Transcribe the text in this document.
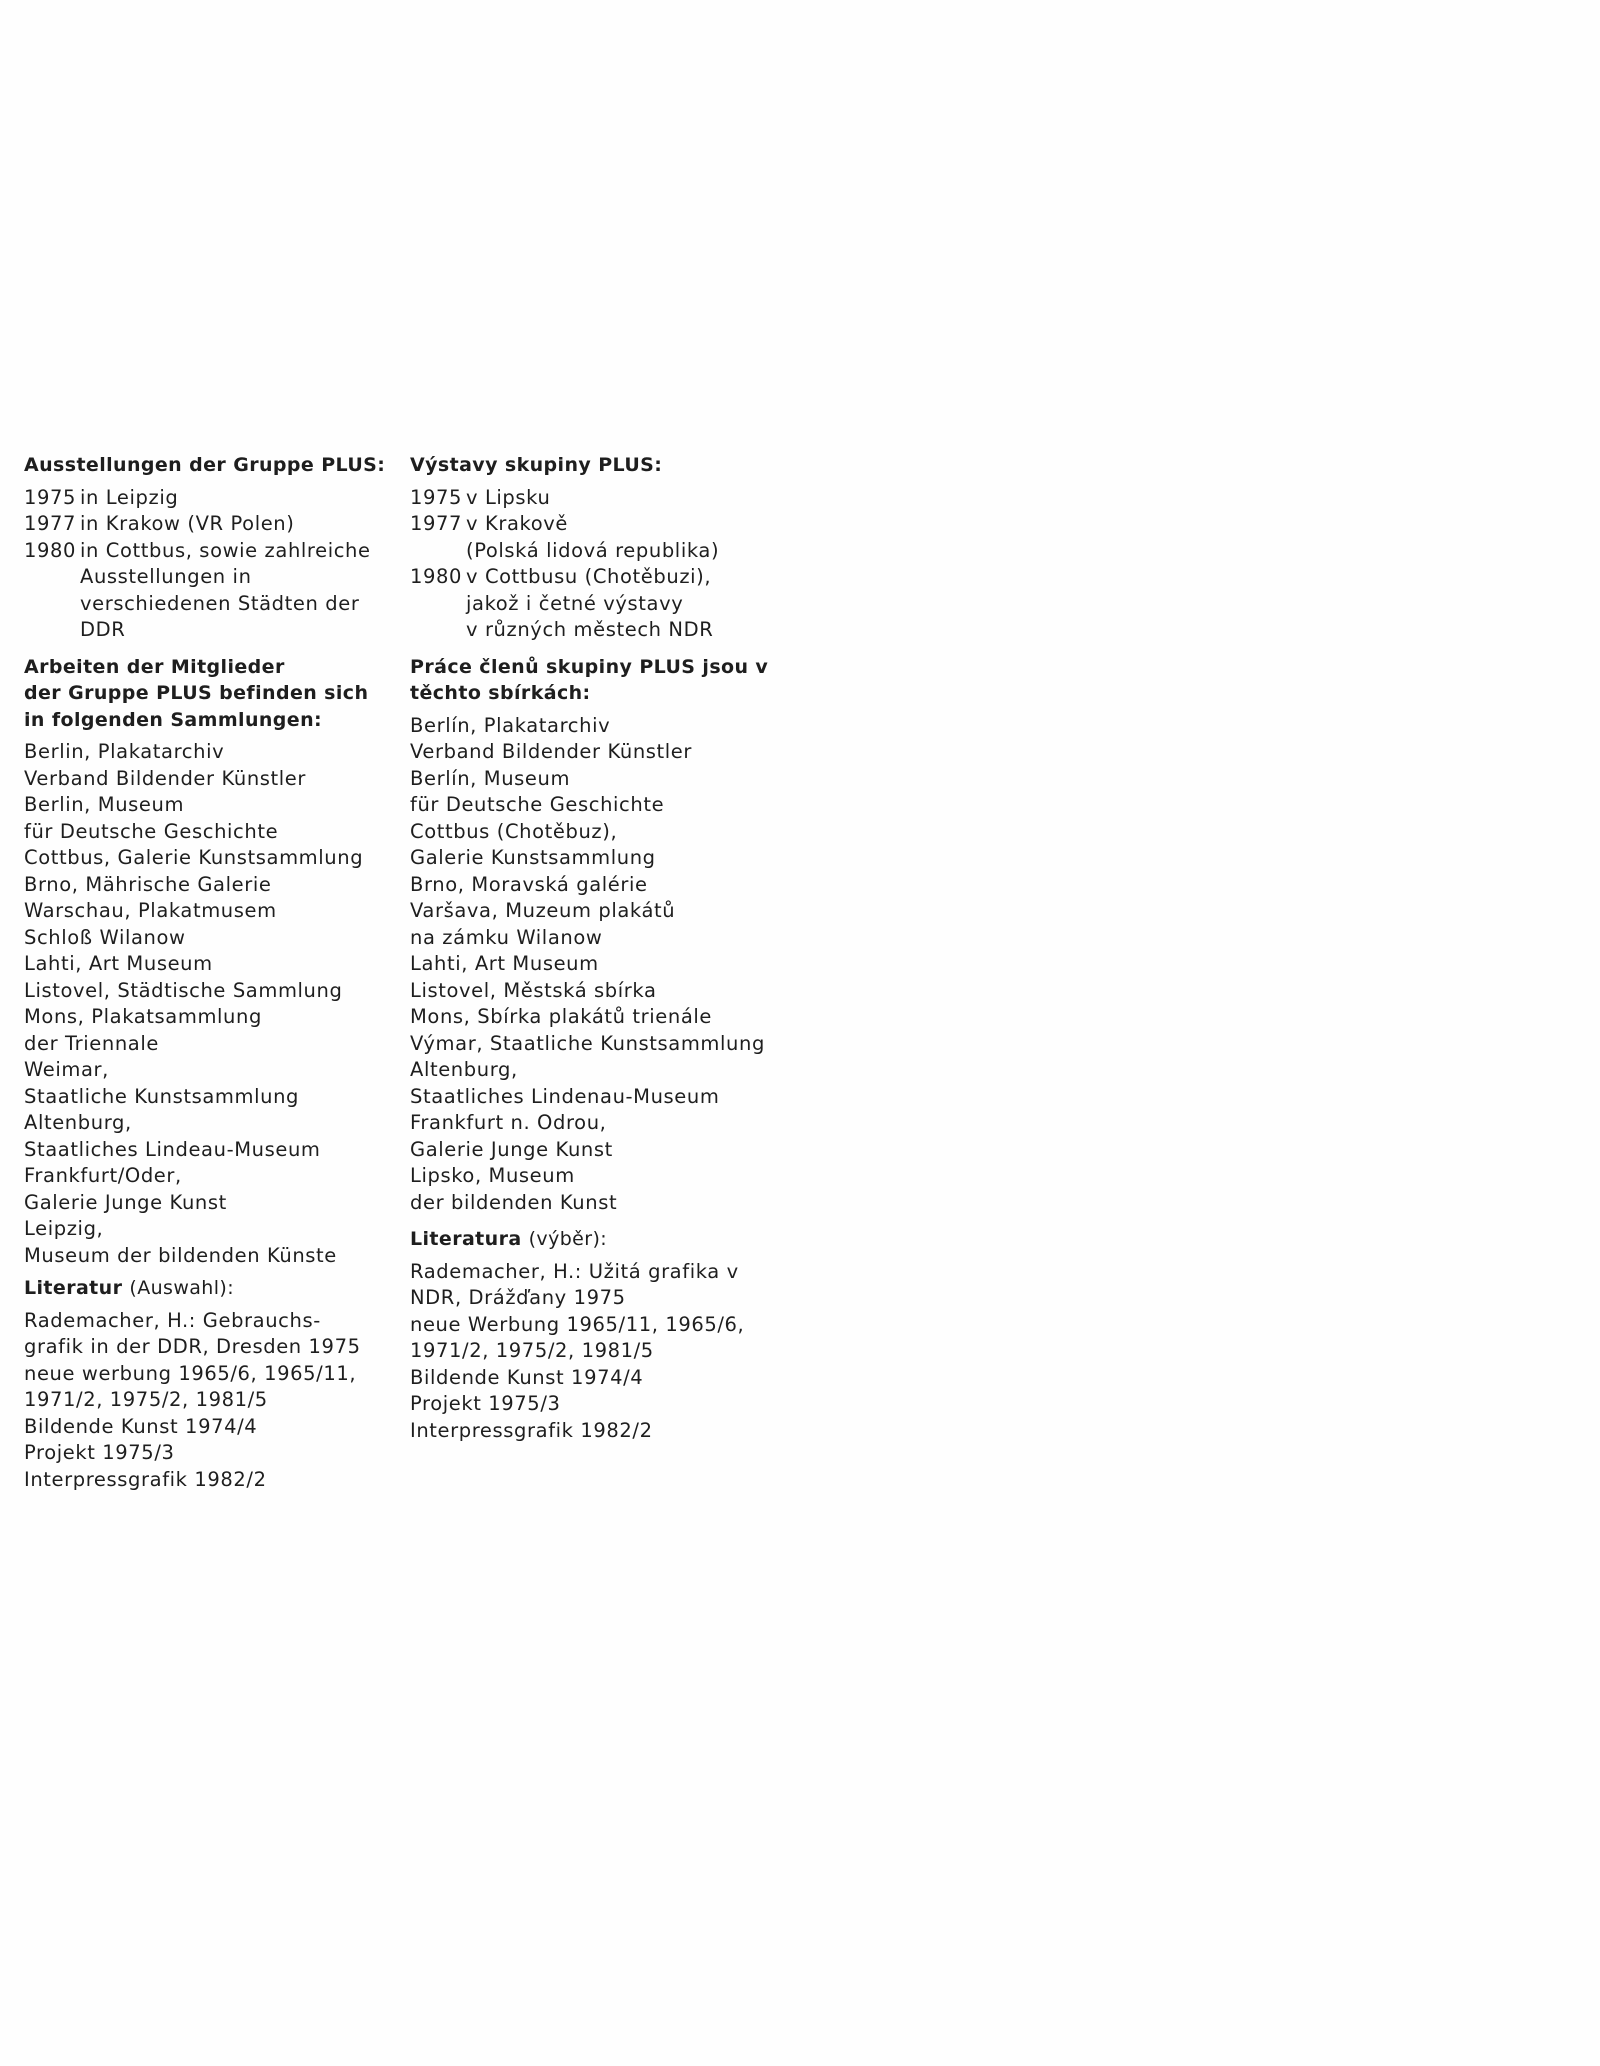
Ausstellungen der Gruppe PLUS:
1975 in Leipzig
1977 in Krakow (VR Polen)
1980 in Cottbus, sowie zahlreiche
Ausstellungen in
verschiedenen Städten der
DDR
Arbeiten der Mitglieder
der Gruppe PLUS befinden sich
in folgenden Sammlungen:
Berlin, Plakatarchiv
Verband Bildender Künstler
Berlin, Museum
für Deutsche Geschichte
Cottbus, Galerie Kunstsammlung
Brno, Mährische Galerie
Warschau, Plakatmusem
Schloß Wilanow
Lahti, Art Museum
Listovel, Städtische Sammlung
Mons, Plakatsammlung
der Triennale
Weimar,
Staatliche Kunstsammlung
Altenburg,
Staatliches Lindeau-Museum
Frankfurt/Oder,
Galerie Junge Kunst
Leipzig,
Museum der bildenden Künste
Literatur (Auswahl):
Rademacher, H.: Gebrauchs-
grafik in der DDR, Dresden 1975
neue werbung 1965/6, 1965/11,
1971/2, 1975/2, 1981/5
Bildende Kunst 1974/4
Projekt 1975/3
Interpressgrafik 1982/2
Výstavy skupiny PLUS:
1975 v Lipsku
1977 v Krakově
(Polská lidová republika)
1980 v Cottbusu (Chotěbuzi),
jakož i četné výstavy
v různých městech NDR
Práce členů skupiny PLUS jsou v
těchto sbírkách:
Berlín, Plakatarchiv
Verband Bildender Künstler
Berlín, Museum
für Deutsche Geschichte
Cottbus (Chotěbuz),
Galerie Kunstsammlung
Brno, Moravská galérie
Varšava, Muzeum plakátů
na zámku Wilanow
Lahti, Art Museum
Listovel, Městská sbírka
Mons, Sbírka plakátů trienále
Výmar, Staatliche Kunstsammlung
Altenburg,
Staatliches Lindenau-Museum
Frankfurt n. Odrou,
Galerie Junge Kunst
Lipsko, Museum
der bildenden Kunst
Literatura (výběr):
Rademacher, H.: Užitá grafika v
NDR, Drážďany 1975
neue Werbung 1965/11, 1965/6,
1971/2, 1975/2, 1981/5
Bildende Kunst 1974/4
Projekt 1975/3
Interpressgrafik 1982/2
